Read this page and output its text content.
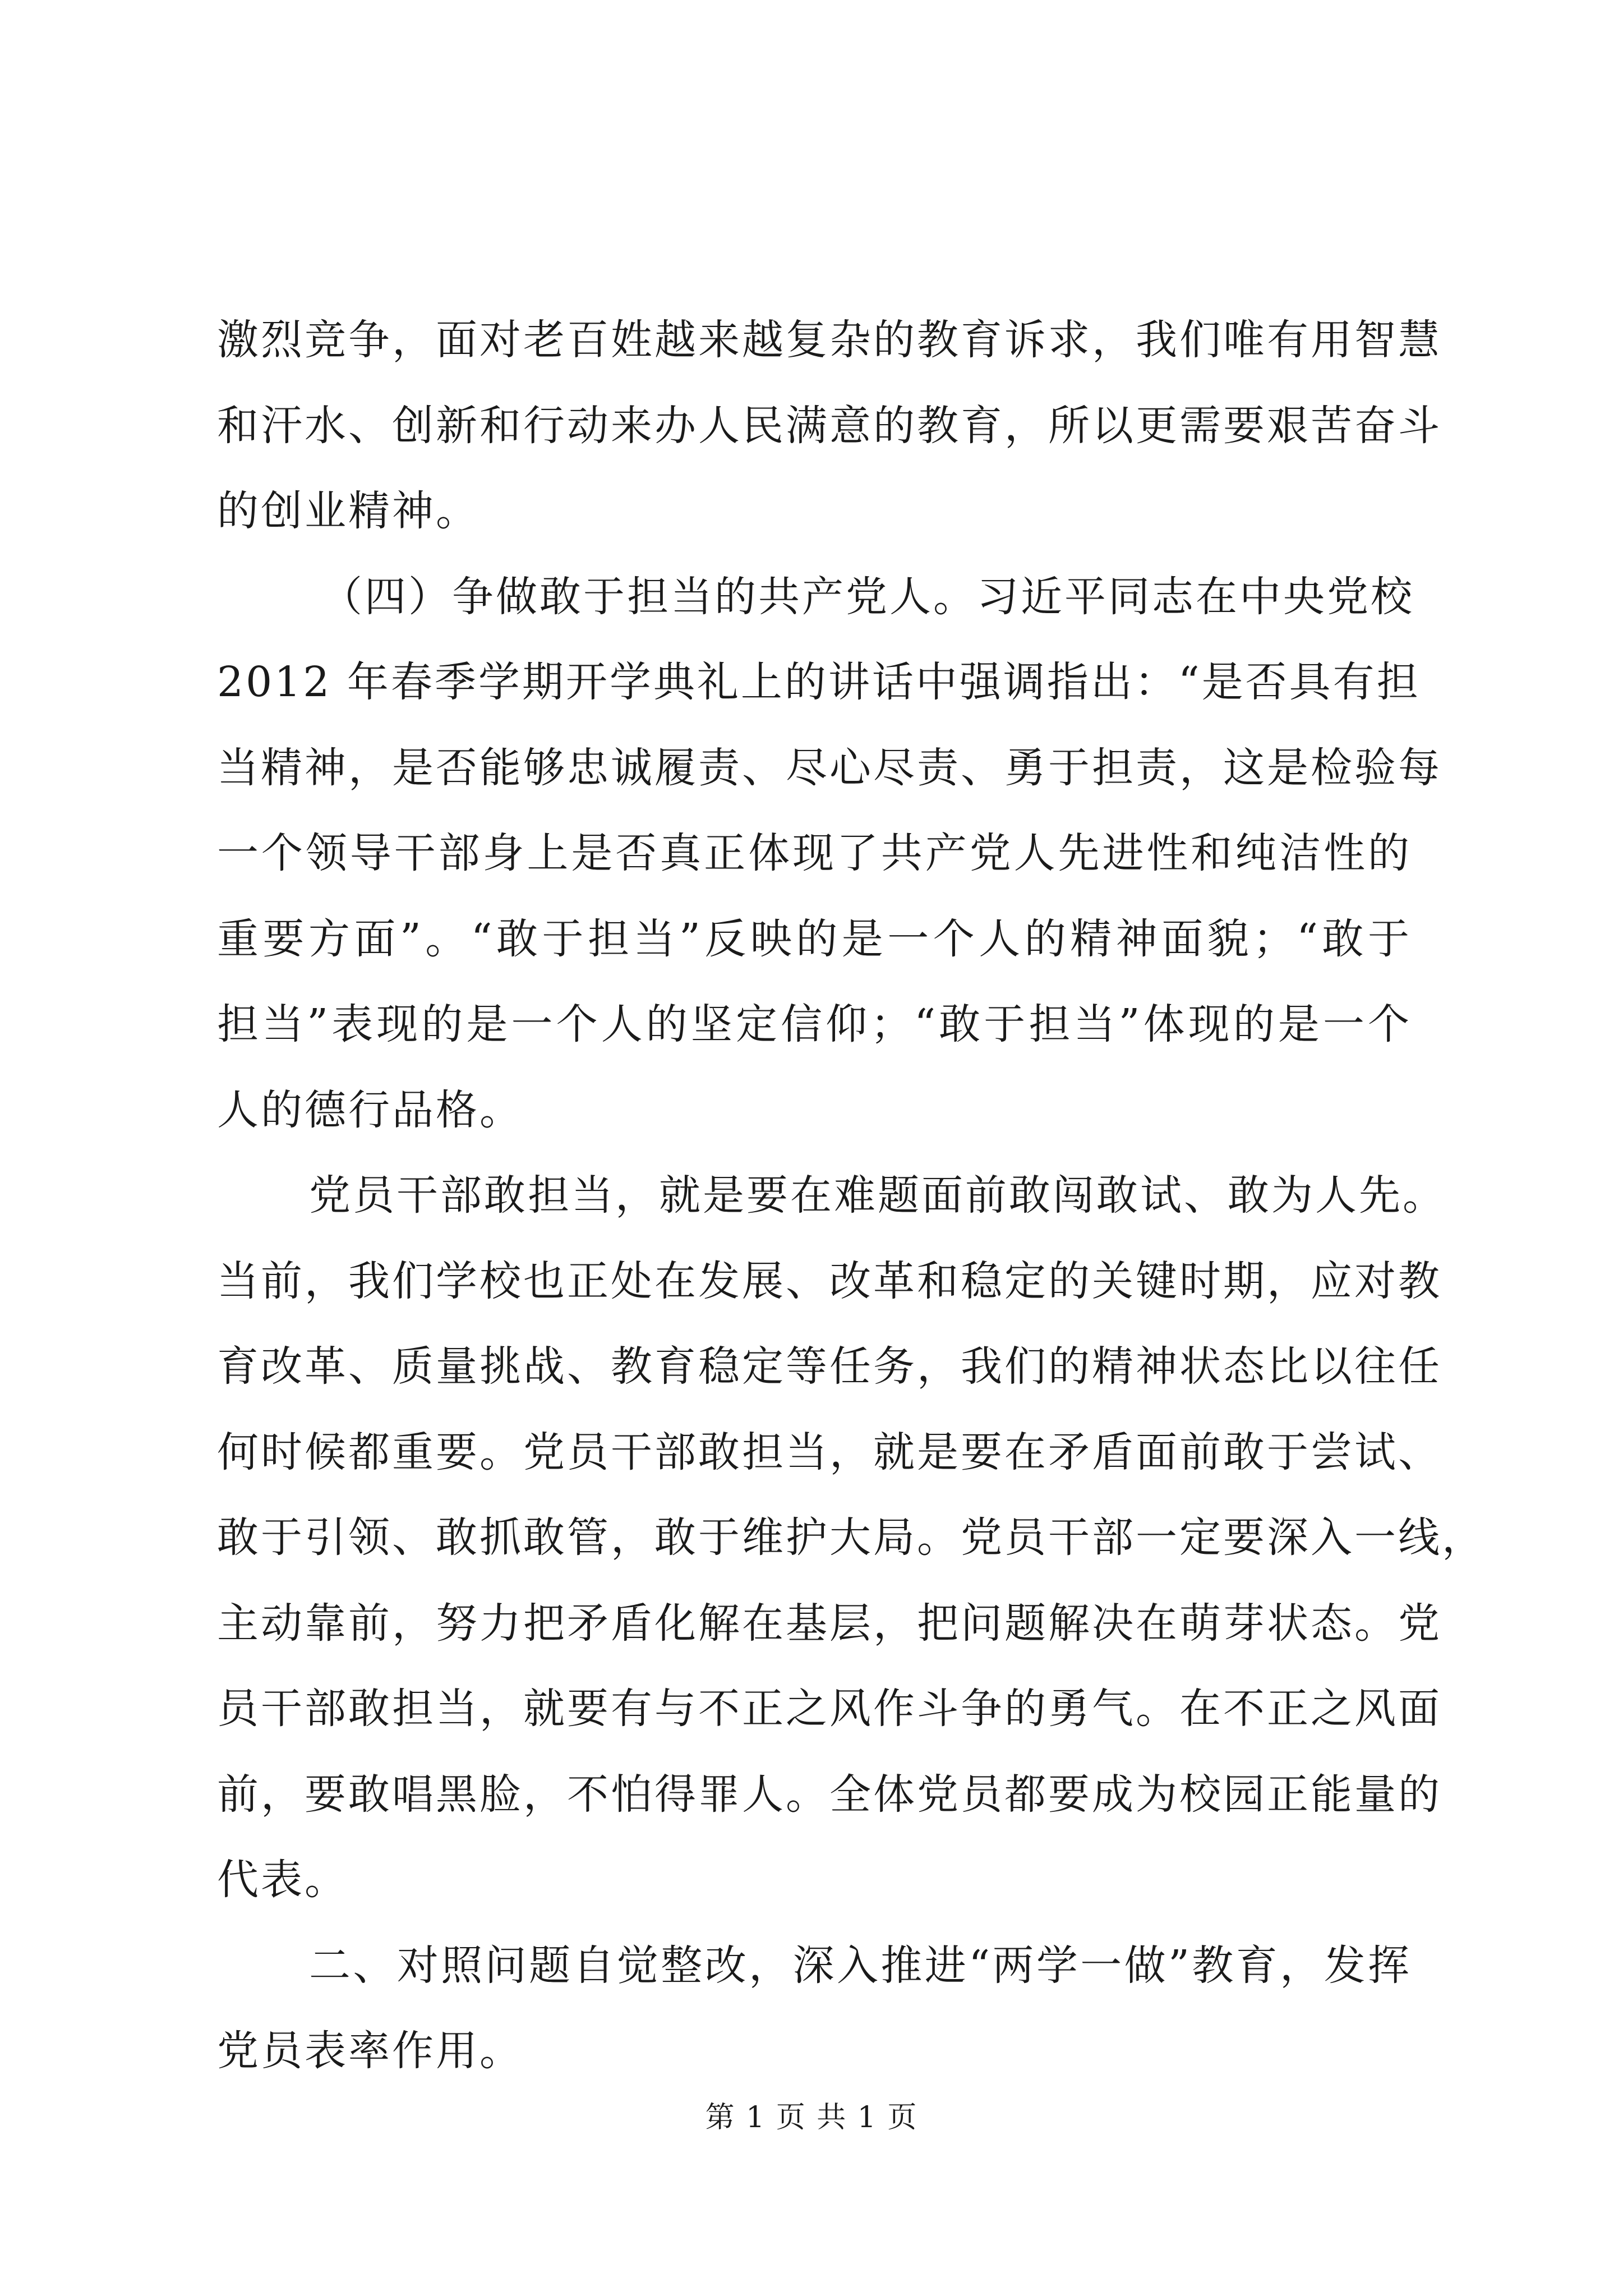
激烈竞争，面对老百姓越来越复杂的教育诉求，我们唯有用智慧
和汗水、创新和行动来办人民满意的教育，所以更需要艰苦奋斗
的创业精神。
（四）争做敢于担当的共产党人。习近平同志在中央党校
2012 年春季学期开学典礼上的讲话中强调指出：“是否具有担
当精神，是否能够忠诚履责、尽心尽责、勇于担责，这是检验每
一个领导干部身上是否真正体现了共产党人先进性和纯洁性的
重要方面”。“敢于担当”反映的是一个人的精神面貌；“敢于
担当”表现的是一个人的坚定信仰；“敢于担当”体现的是一个
人的德行品格。
党员干部敢担当，就是要在难题面前敢闯敢试、敢为人先。
当前，我们学校也正处在发展、改革和稳定的关键时期，应对教
育改革、质量挑战、教育稳定等任务，我们的精神状态比以往任
何时候都重要。党员干部敢担当，就是要在矛盾面前敢于尝试、
敢于引领、敢抓敢管，敢于维护大局。党员干部一定要深入一线，
主动靠前，努力把矛盾化解在基层，把问题解决在萌芽状态。党
员干部敢担当，就要有与不正之风作斗争的勇气。在不正之风面
前，要敢唱黑脸，不怕得罪人。全体党员都要成为校园正能量的
代表。
二、对照问题自觉整改，深入推进“两学一做”教育，发挥
党员表率作用。
第 1 页 共 1 页
